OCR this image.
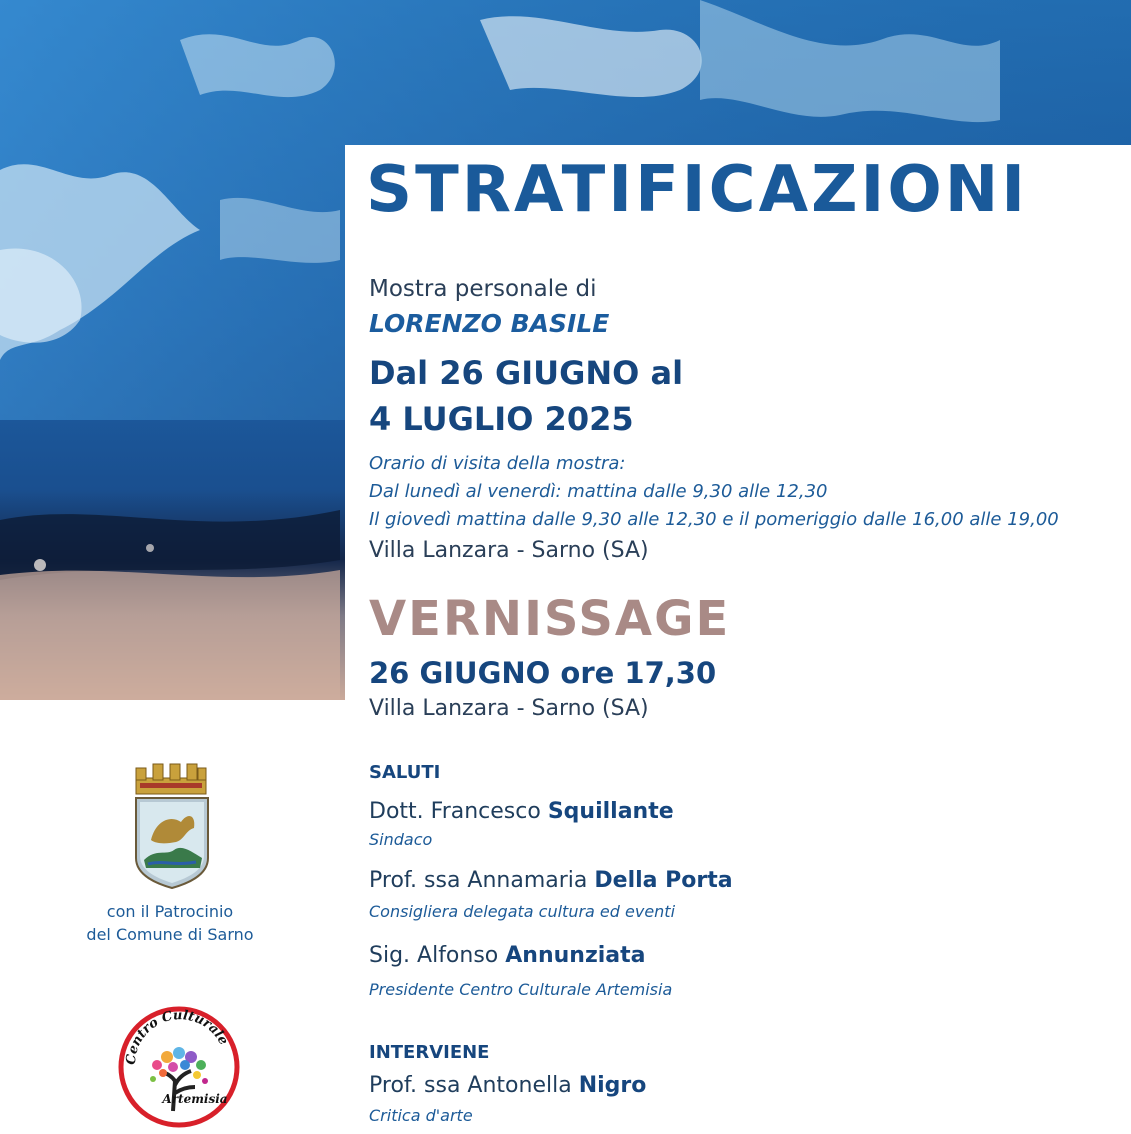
STRATIFICAZIONI
Mostra personale di
LORENZO BASILE
Dal 26 GIUGNO al
4 LUGLIO 2025
Orario di visita della mostra:
Dal lunedì al venerdì: mattina dalle 9,30 alle 12,30
Il giovedì mattina dalle 9,30 alle 12,30 e il pomeriggio dalle 16,00 alle 19,00
Villa Lanzara - Sarno (SA)
VERNISSAGE
26 GIUGNO ore 17,30
Villa Lanzara - Sarno (SA)
SALUTI
Dott. Francesco Squillante
Sindaco
Prof. ssa Annamaria Della Porta
Consigliera delegata cultura ed eventi
Sig. Alfonso Annunziata
Presidente Centro Culturale Artemisia
INTERVIENE
Prof. ssa Antonella Nigro
Critica d'arte
con il Patrocinio
del Comune di Sarno
Centro Culturale
Artemisia
